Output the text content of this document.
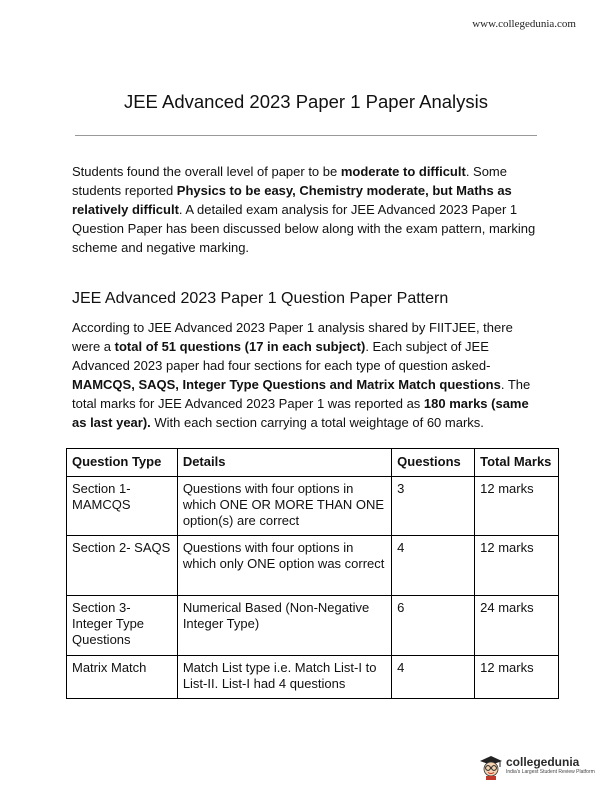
www.collegedunia.com
JEE Advanced 2023 Paper 1 Paper Analysis
Students found the overall level of paper to be moderate to difficult. Some students reported Physics to be easy, Chemistry moderate, but Maths as relatively difficult. A detailed exam analysis for JEE Advanced 2023 Paper 1 Question Paper has been discussed below along with the exam pattern, marking scheme and negative marking.
JEE Advanced 2023 Paper 1 Question Paper Pattern
According to JEE Advanced 2023 Paper 1 analysis shared by FIITJEE, there were a total of 51 questions (17 in each subject). Each subject of JEE Advanced 2023 paper had four sections for each type of question asked- MAMCQS, SAQS, Integer Type Questions and Matrix Match questions. The total marks for JEE Advanced 2023 Paper 1 was reported as 180 marks (same as last year). With each section carrying a total weightage of 60 marks.
Question Type	Details	Questions	Total Marks
Section 1- MAMCQS	Questions with four options in which ONE OR MORE THAN ONE option(s) are correct	3	12 marks
Section 2- SAQS	Questions with four options in which only ONE option was correct	4	12 marks
Section 3- Integer Type Questions	Numerical Based (Non-Negative Integer Type)	6	24 marks
Matrix Match	Match List type i.e. Match List-I to List-II. List-I had 4 questions	4	12 marks
collegedunia
India's Largest Student Review Platform
